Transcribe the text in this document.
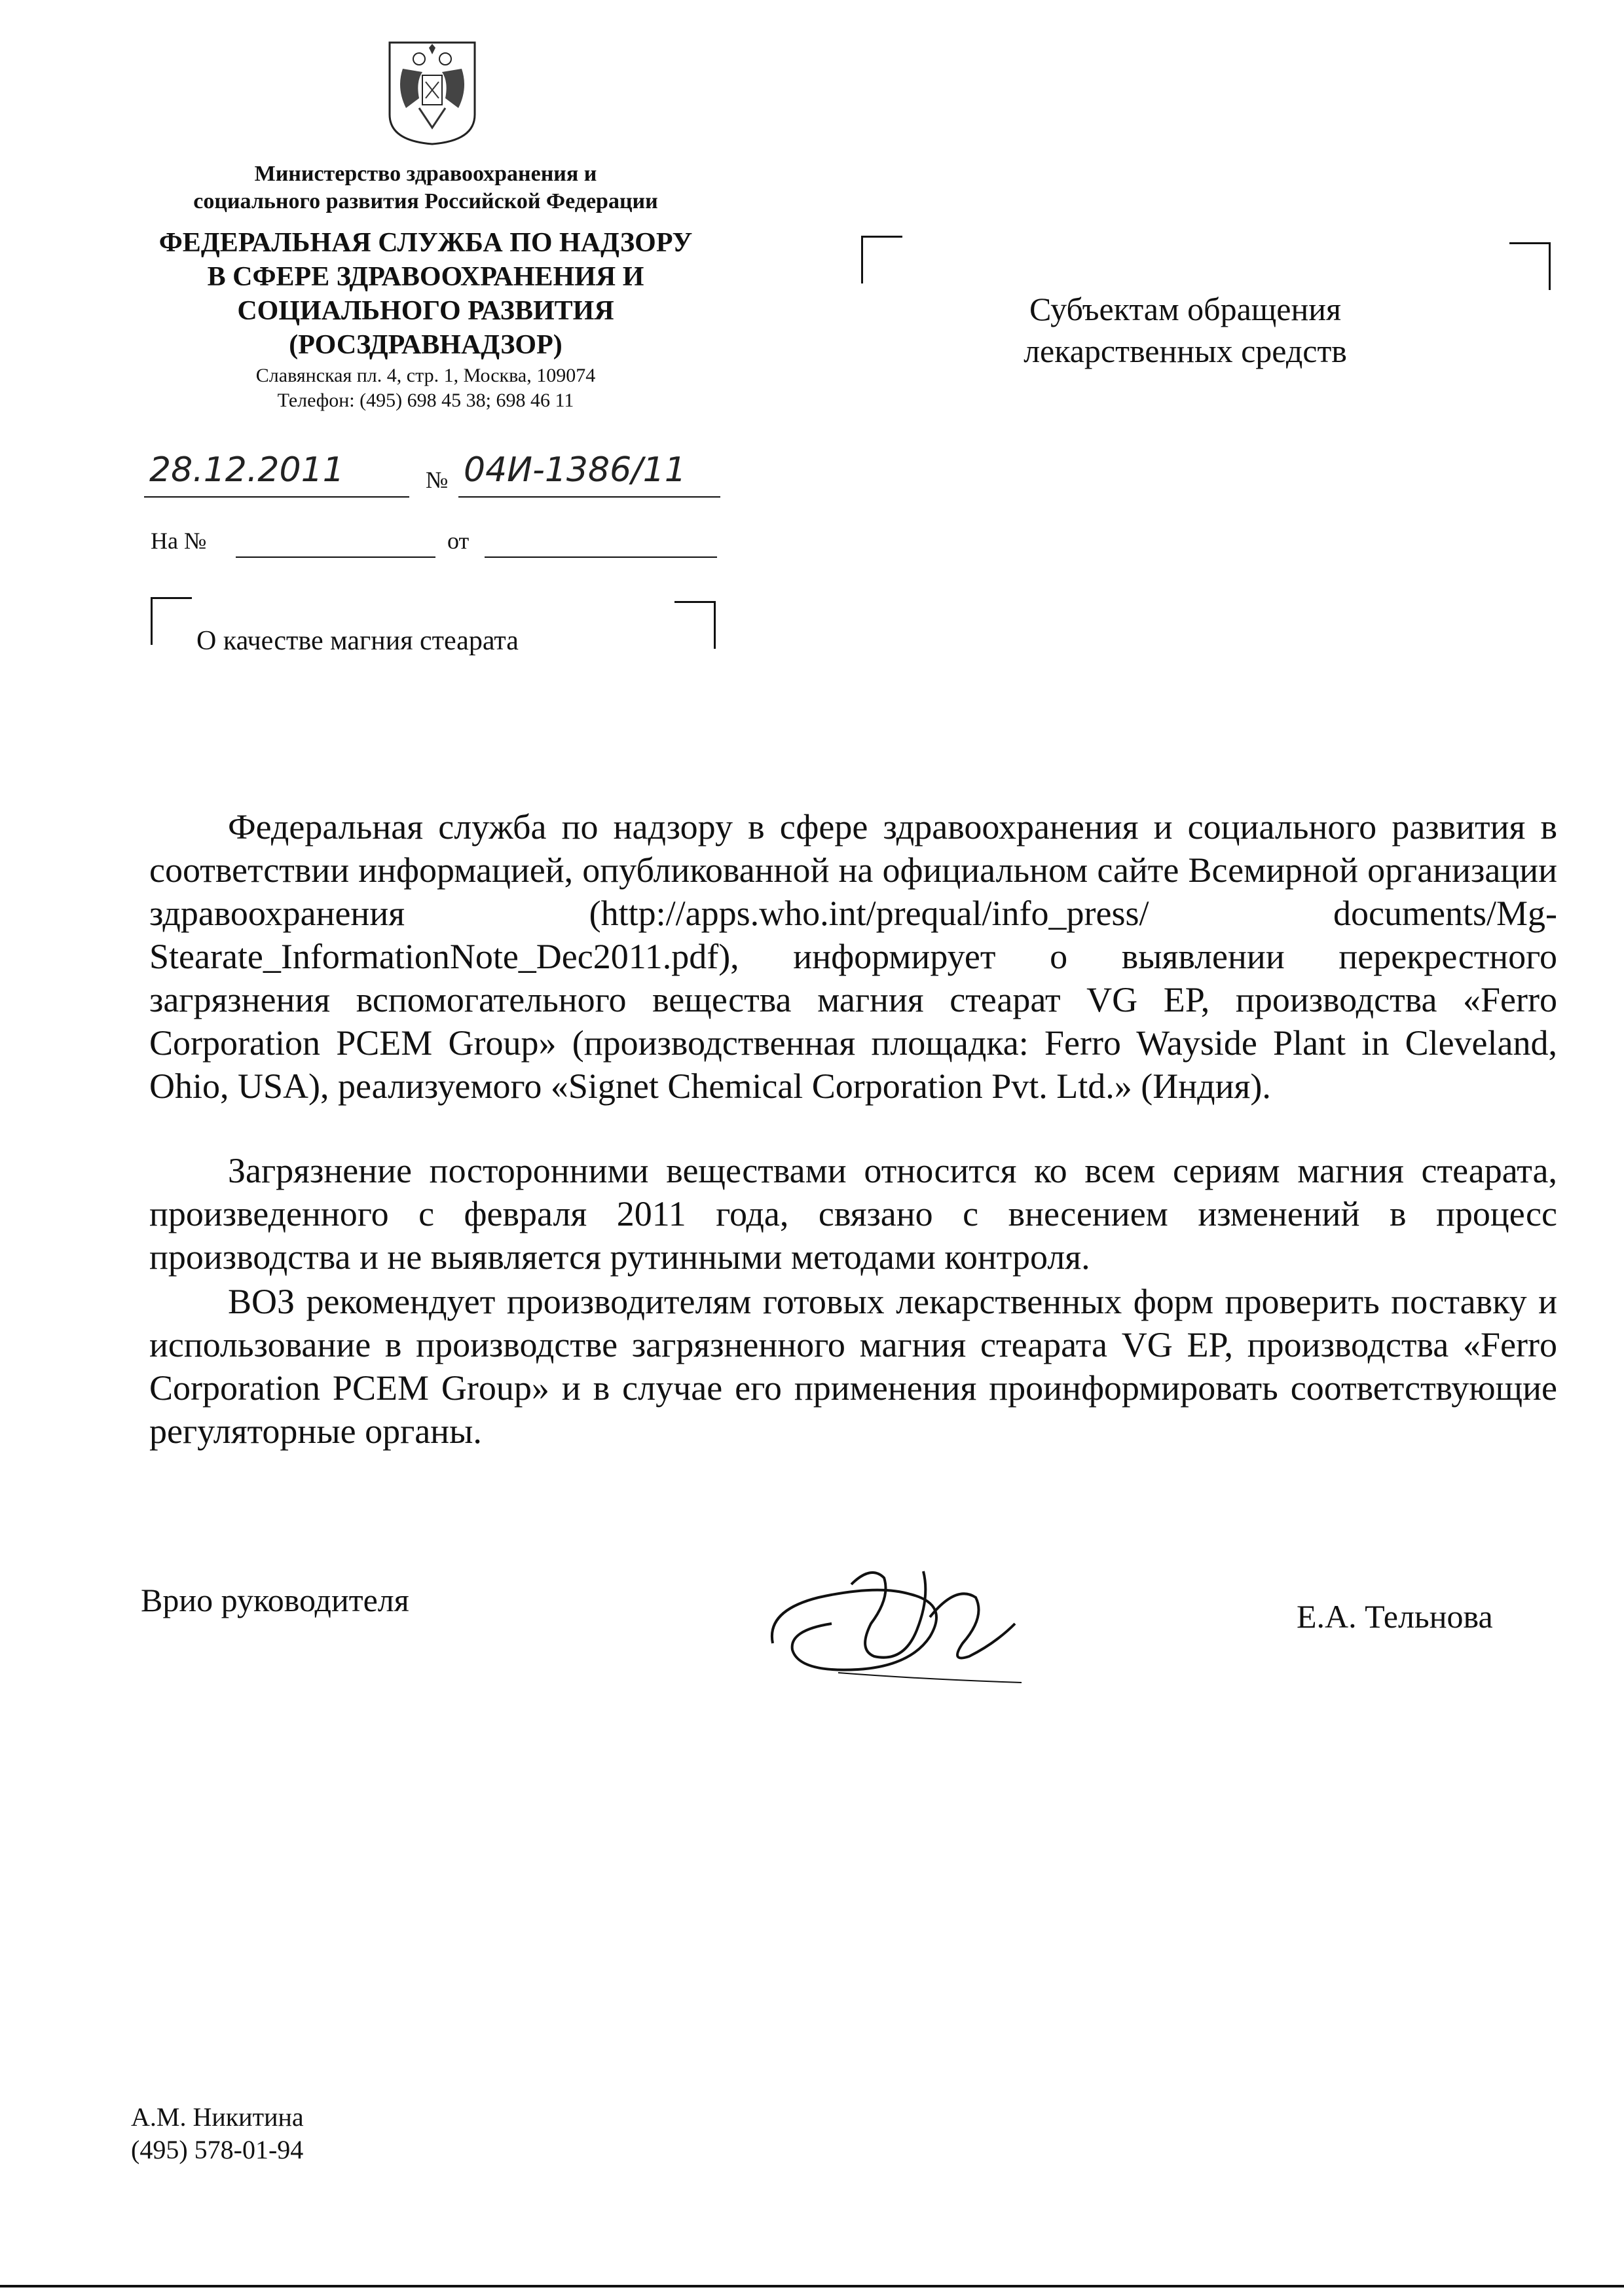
Министерство здравоохранения и
социального развития Российской Федерации
ФЕДЕРАЛЬНАЯ СЛУЖБА ПО НАДЗОРУ
В СФЕРЕ ЗДРАВООХРАНЕНИЯ И
СОЦИАЛЬНОГО РАЗВИТИЯ
(РОСЗДРАВНАДЗОР)
Славянская пл. 4, стр. 1, Москва, 109074
Телефон: (495) 698 45 38; 698 46 11
28.12.2011	№ 04И-1386/11
На №	от
Субъектам обращения
лекарственных средств
О качестве магния стеарата
Федеральная служба по надзору в сфере здравоохранения и социального развития в соответствии информацией, опубликованной на официальном сайте Всемирной организации здравоохранения (http://apps.who.int/prequal/info_press/ documents/Mg-Stearate_InformationNote_Dec2011.pdf), информирует о выявлении перекрестного загрязнения вспомогательного вещества магния стеарат VG EP, производства «Ferro Corporation PCEM Group» (производственная площадка: Ferro Wayside Plant in Cleveland, Ohio, USA), реализуемого «Signet Chemical Corporation Pvt. Ltd.» (Индия).
Загрязнение посторонними веществами относится ко всем сериям магния стеарата, произведенного с февраля 2011 года, связано с внесением изменений в процесс производства и не выявляется рутинными методами контроля.
ВОЗ рекомендует производителям готовых лекарственных форм проверить поставку и использование в производстве загрязненного магния стеарата VG EP, производства «Ferro Corporation PCEM Group» и в случае его применения проинформировать соответствующие регуляторные органы.
Врио руководителя	Е.А. Тельнова
А.М. Никитина
(495) 578-01-94
